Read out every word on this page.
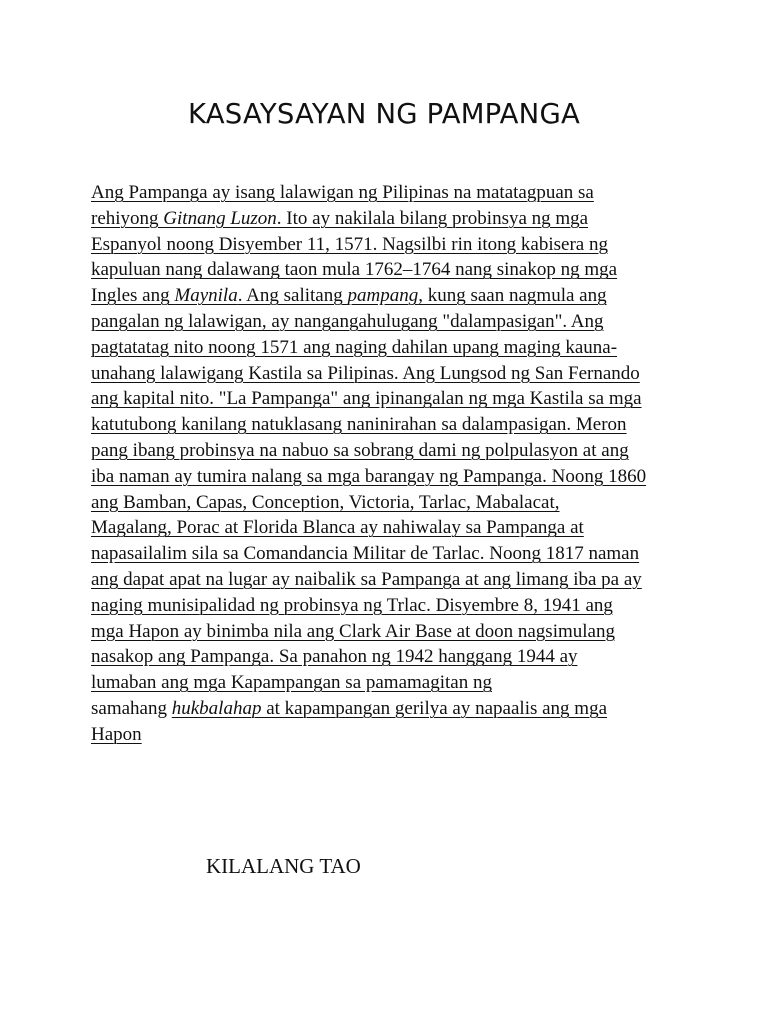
KASAYSAYAN NG PAMPANGA
Ang Pampanga ay isang lalawigan ng Pilipinas na matatagpuan sa
rehiyong Gitnang Luzon. Ito ay nakilala bilang probinsya ng mga
Espanyol noong Disyember 11, 1571. Nagsilbi rin itong kabisera ng
kapuluan nang dalawang taon mula 1762–1764 nang sinakop ng mga
Ingles ang Maynila. Ang salitang pampang, kung saan nagmula ang
pangalan ng lalawigan, ay nangangahulugang "dalampasigan". Ang
pagtatatag nito noong 1571 ang naging dahilan upang maging kauna-
unahang lalawigang Kastila sa Pilipinas. Ang Lungsod ng San Fernando
ang kapital nito. "La Pampanga" ang ipinangalan ng mga Kastila sa mga
katutubong kanilang natuklasang naninirahan sa dalampasigan. Meron
pang ibang probinsya na nabuo sa sobrang dami ng polpulasyon at ang
iba naman ay tumira nalang sa mga barangay ng Pampanga. Noong 1860
ang Bamban, Capas, Conception, Victoria, Tarlac, Mabalacat,
Magalang, Porac at Florida Blanca ay nahiwalay sa Pampanga at
napasailalim sila sa Comandancia Militar de Tarlac. Noong 1817 naman
ang dapat apat na lugar ay naibalik sa Pampanga at ang limang iba pa ay
naging munisipalidad ng probinsya ng Trlac. Disyembre 8, 1941 ang
mga Hapon ay binimba nila ang Clark Air Base at doon nagsimulang
nasakop ang Pampanga. Sa panahon ng 1942 hanggang 1944 ay
lumaban ang mga Kapampangan sa pamamagitan ng
samahang hukbalahap at kapampangan gerilya ay napaalis ang mga
Hapon
KILALANG TAO
